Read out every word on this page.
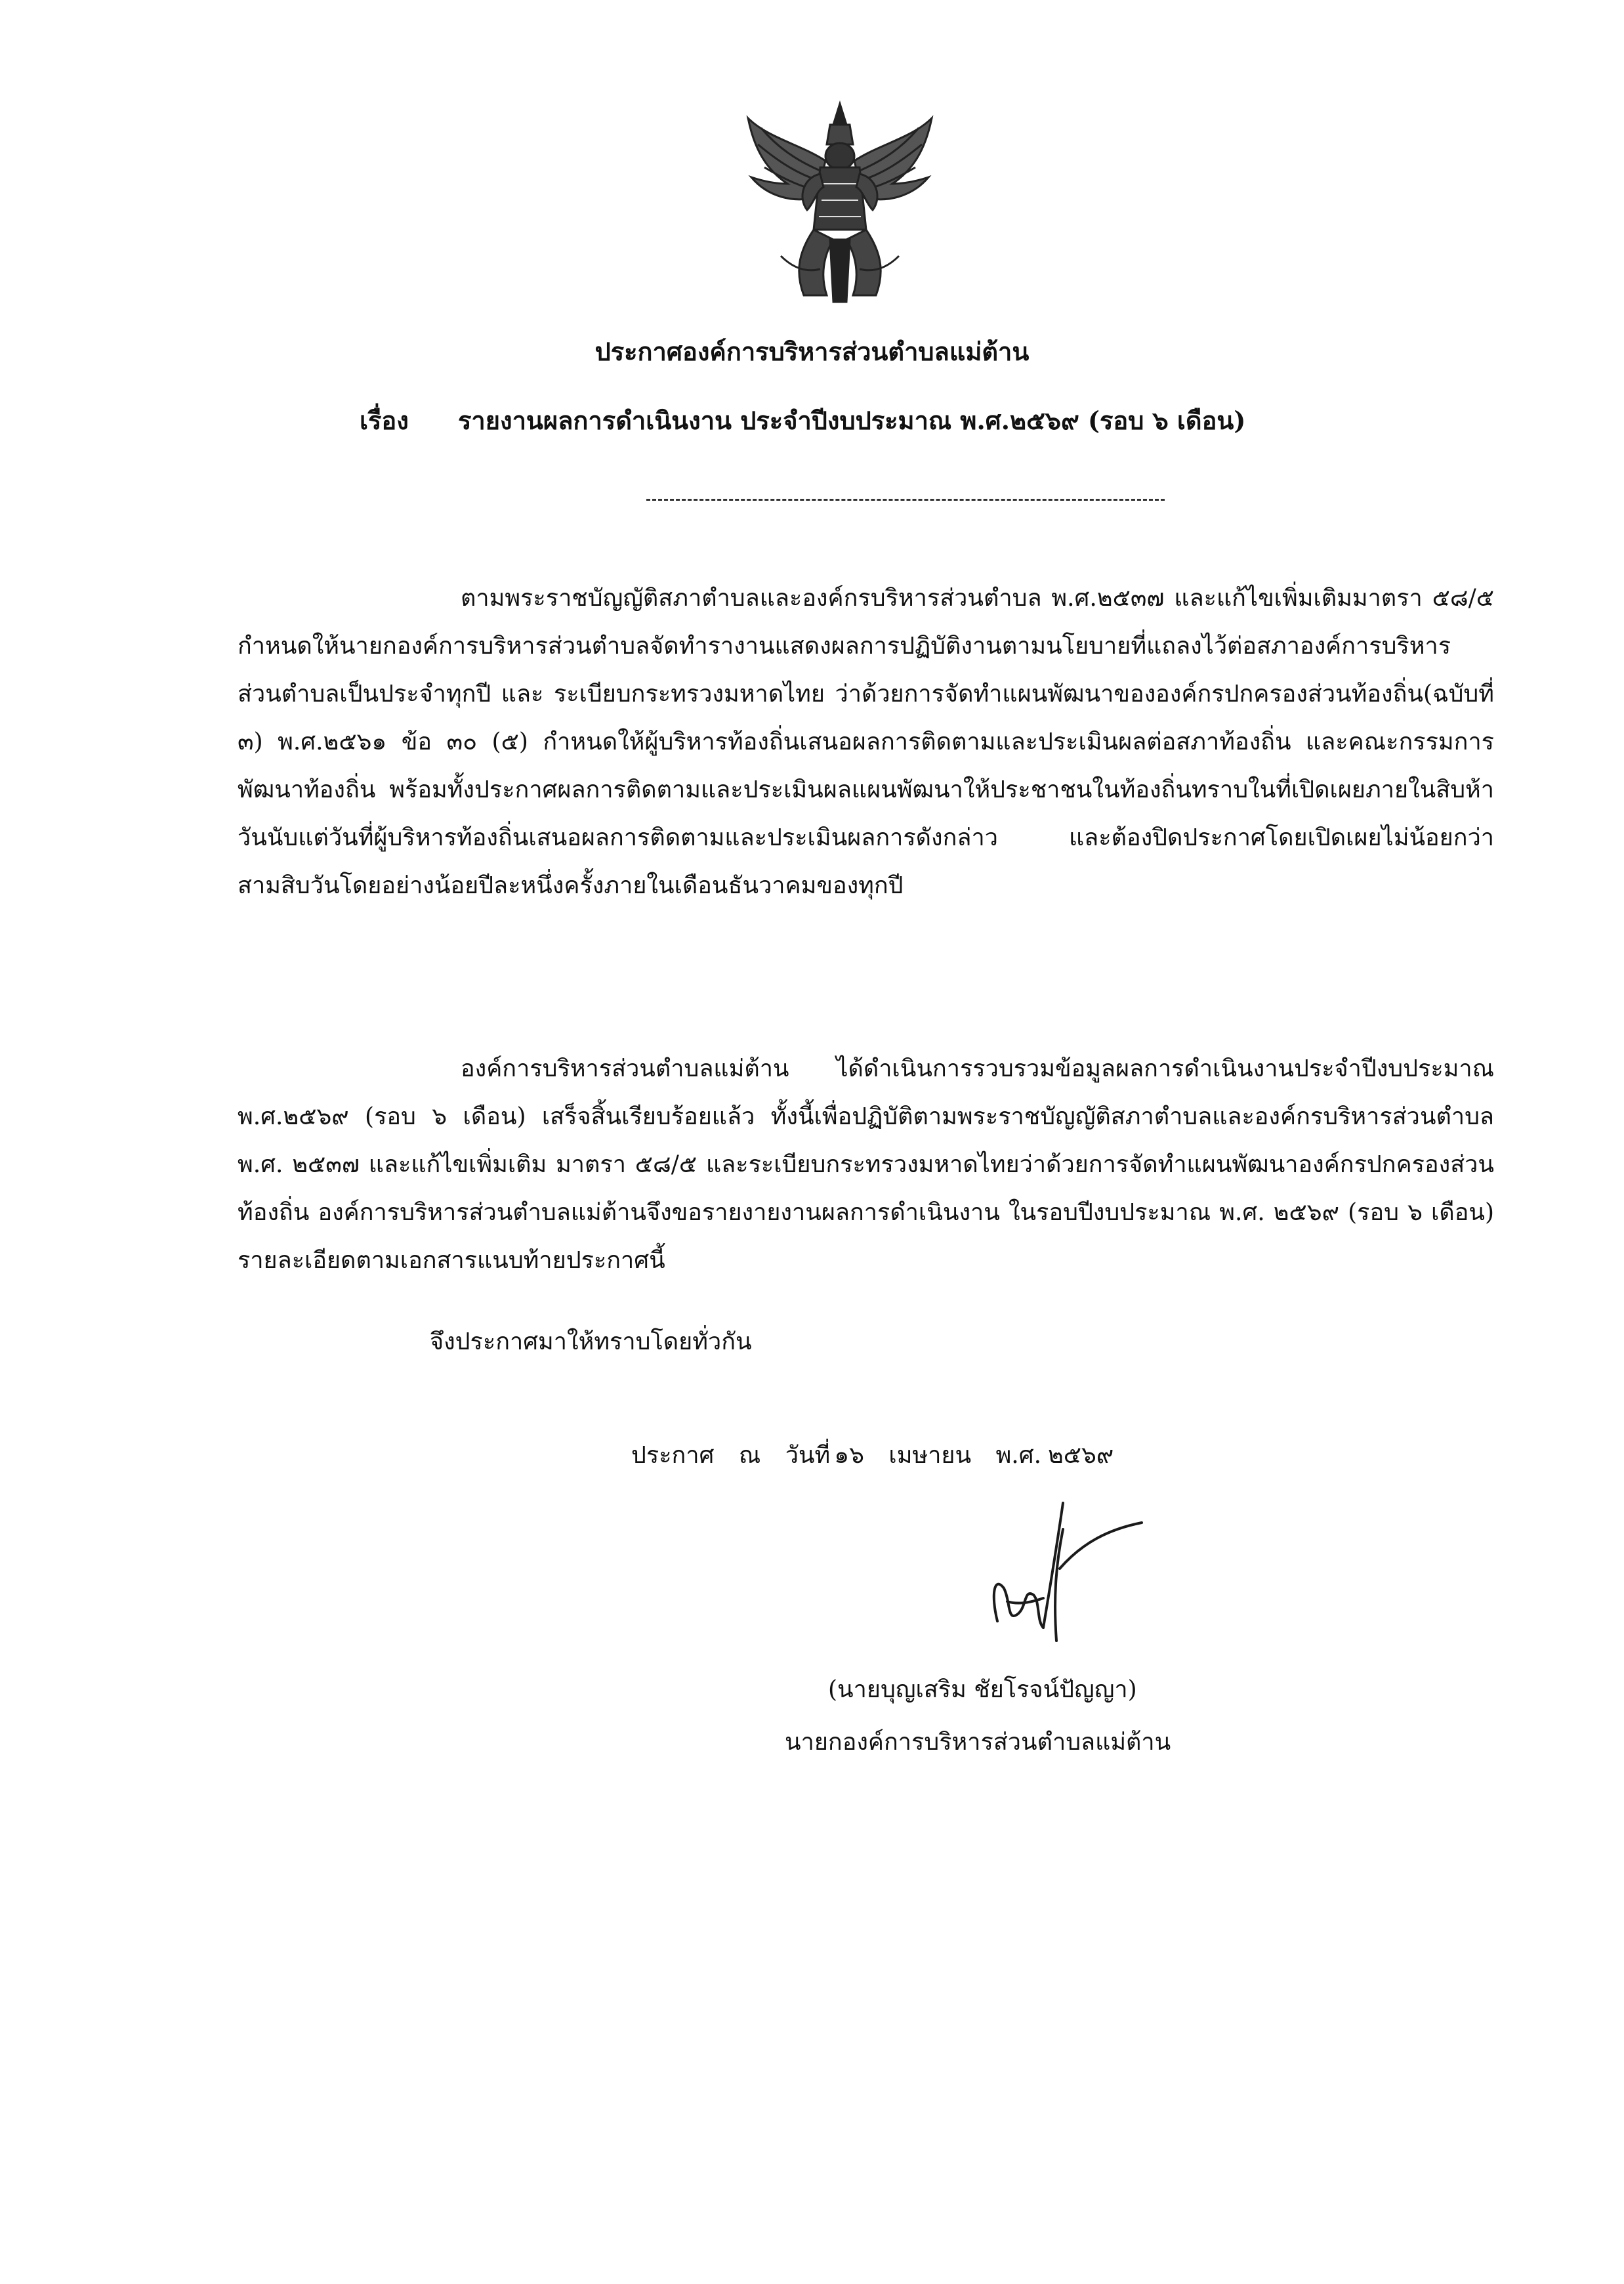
ประกาศองค์การบริหารส่วนตำบลแม่ต้าน
เรื่อง รายงานผลการดำเนินงาน ประจำปีงบประมาณ พ.ศ.๒๕๖๙ (รอบ ๖ เดือน)
ตามพระราชบัญญัติสภาตำบลและองค์กรบริหารส่วนตำบล พ.ศ.๒๕๓๗ และแก้ไขเพิ่มเติมมาตรา ๕๘/๕ กำหนดให้นายกองค์การบริหารส่วนตำบลจัดทำรางานแสดงผลการปฏิบัติงานตามนโยบายที่แถลงไว้ต่อสภาองค์การบริหารส่วนตำบลเป็นประจำทุกปี และ ระเบียบกระทรวงมหาดไทย ว่าด้วยการจัดทำแผนพัฒนาขององค์กรปกครองส่วนท้องถิ่น(ฉบับที่ ๓) พ.ศ.๒๕๖๑ ข้อ ๓๐ (๕) กำหนดให้ผู้บริหารท้องถิ่นเสนอผลการติดตามและประเมินผลต่อสภาท้องถิ่น และคณะกรรมการพัฒนาท้องถิ่น พร้อมทั้งประกาศผลการติดตามและประเมินผลแผนพัฒนาให้ประชาชนในท้องถิ่นทราบในที่เปิดเผยภายในสิบห้าวันนับแต่วันที่ผู้บริหารท้องถิ่นเสนอผลการติดตามและประเมินผลการดังกล่าว และต้องปิดประกาศโดยเปิดเผยไม่น้อยกว่าสามสิบวันโดยอย่างน้อยปีละหนึ่งครั้งภายในเดือนธันวาคมของทุกปี
องค์การบริหารส่วนตำบลแม่ต้าน ได้ดำเนินการรวบรวมข้อมูลผลการดำเนินงานประจำปีงบประมาณ พ.ศ.๒๕๖๙ (รอบ ๖ เดือน) เสร็จสิ้นเรียบร้อยแล้ว ทั้งนี้เพื่อปฏิบัติตามพระราชบัญญัติสภาตำบลและองค์กรบริหารส่วนตำบล พ.ศ. ๒๕๓๗ และแก้ไขเพิ่มเติม มาตรา ๕๘/๕ และระเบียบกระทรวงมหาดไทยว่าด้วยการจัดทำแผนพัฒนาองค์กรปกครองส่วนท้องถิ่น องค์การบริหารส่วนตำบลแม่ต้านจึงขอรายงายงานผลการดำเนินงาน ในรอบปีงบประมาณ พ.ศ. ๒๕๖๙ (รอบ ๖ เดือน) รายละเอียดตามเอกสารแนบท้ายประกาศนี้
จึงประกาศมาให้ทราบโดยทั่วกัน
ประกาศ ณ วันที่ ๑๖ เมษายน พ.ศ. ๒๕๖๙
(นายบุญเสริม ชัยโรจน์ปัญญา)
นายกองค์การบริหารส่วนตำบลแม่ต้าน
